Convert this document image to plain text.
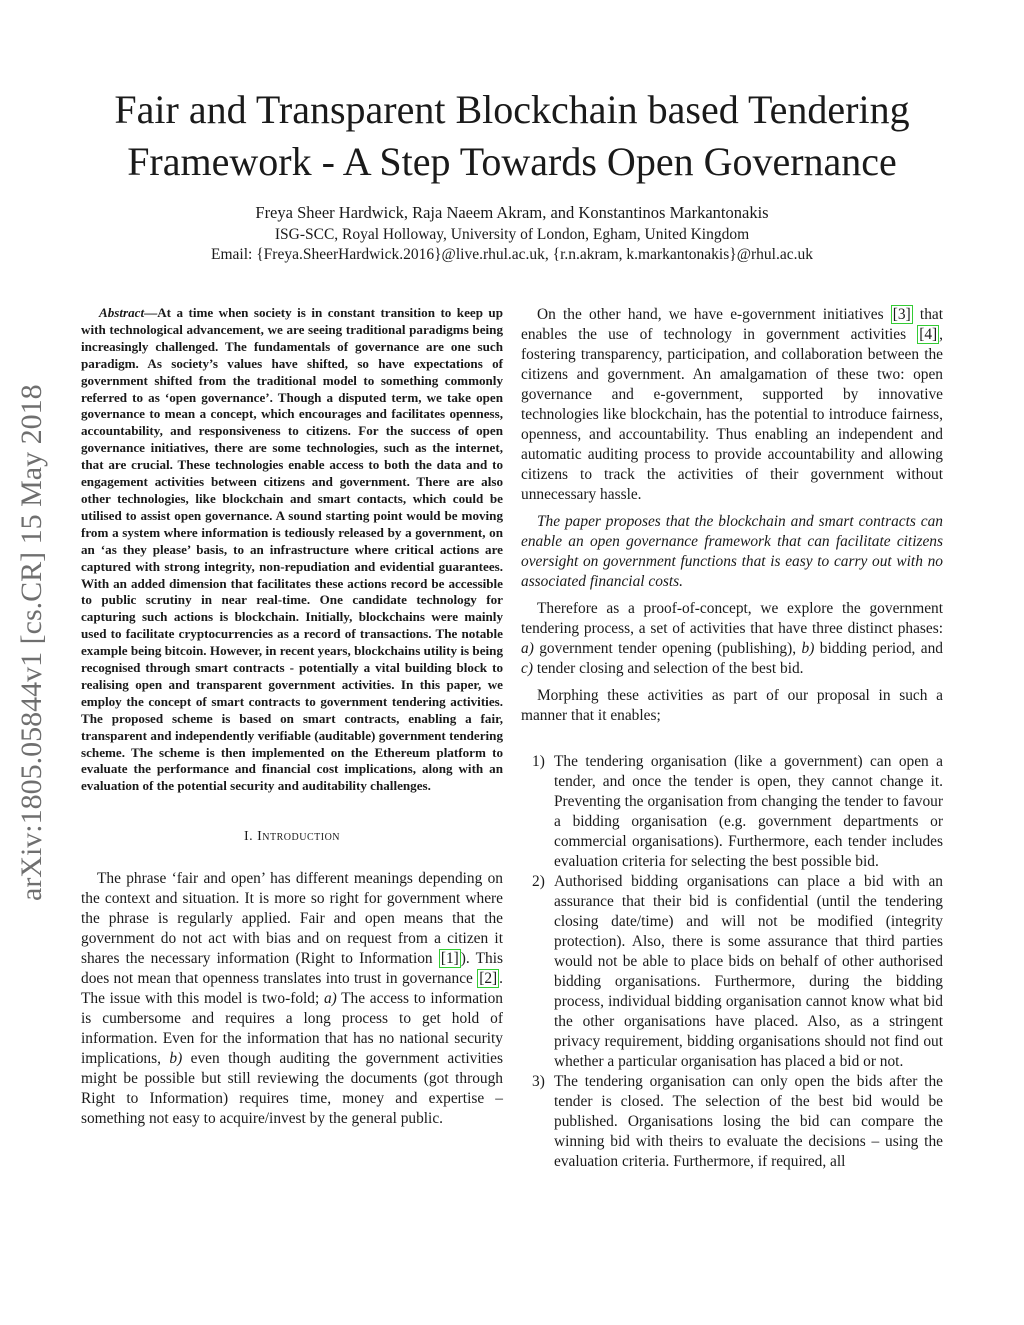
arXiv:1805.05844v1 [cs.CR] 15 May 2018
Fair and Transparent Blockchain based Tendering Framework - A Step Towards Open Governance
Freya Sheer Hardwick, Raja Naeem Akram, and Konstantinos Markantonakis
ISG-SCC, Royal Holloway, University of London, Egham, United Kingdom
Email: {Freya.SheerHardwick.2016}@live.rhul.ac.uk, {r.n.akram, k.markantonakis}@rhul.ac.uk

Abstract—At a time when society is in constant transition to keep up with technological advancement, we are seeing traditional paradigms being increasingly challenged. The fundamentals of governance are one such paradigm. As society’s values have shifted, so have expectations of government shifted from the traditional model to something commonly referred to as ‘open governance’. Though a disputed term, we take open governance to mean a concept, which encourages and facilitates openness, accountability, and responsiveness to citizens. For the success of open governance initiatives, there are some technologies, such as the internet, that are crucial. These technologies enable access to both the data and to engagement activities between citizens and government. There are also other technologies, like blockchain and smart contacts, which could be utilised to assist open governance. A sound starting point would be moving from a system where information is tediously released by a government, on an ‘as they please’ basis, to an infrastructure where critical actions are captured with strong integrity, non-repudiation and evidential guarantees. With an added dimension that facilitates these actions record be accessible to public scrutiny in near real-time. One candidate technology for capturing such actions is blockchain. Initially, blockchains were mainly used to facilitate cryptocurrencies as a record of transactions. The notable example being bitcoin. However, in recent years, blockchains utility is being recognised through smart contracts - potentially a vital building block to realising open and transparent government activities. In this paper, we employ the concept of smart contracts to government tendering activities. The proposed scheme is based on smart contracts, enabling a fair, transparent and independently verifiable (auditable) government tendering scheme. The scheme is then implemented on the Ethereum platform to evaluate the performance and financial cost implications, along with an evaluation of the potential security and auditability challenges.

I. Introduction

The phrase ‘fair and open’ has different meanings depending on the context and situation. It is more so right for government where the phrase is regularly applied. Fair and open means that the government do not act with bias and on request from a citizen it shares the necessary information (Right to Information [1] ). This does not mean that openness translates into trust in governance [2] . The issue with this model is two-fold; a) The access to information is cumbersome and requires a long process to get hold of information. Even for the information that has no national security implications, b) even though auditing the government activities might be possible but still reviewing the documents (got through Right to Information) requires time, money and expertise – something not easy to acquire/invest by the general public.

On the other hand, we have e-government initiatives [3] that enables the use of technology in government activities [4] , fostering transparency, participation, and collaboration between the citizens and government. An amalgamation of these two: open governance and e-government, supported by innovative technologies like blockchain, has the potential to introduce fairness, openness, and accountability. Thus enabling an independent and automatic auditing process to provide accountability and allowing citizens to track the activities of their government without unnecessary hassle.

The paper proposes that the blockchain and smart contracts can enable an open governance framework that can facilitate citizens oversight on government functions that is easy to carry out with no associated financial costs.

Therefore as a proof-of-concept, we explore the government tendering process, a set of activities that have three distinct phases: a) government tender opening (publishing), b) bidding period, and c) tender closing and selection of the best bid.

Morphing these activities as part of our proposal in such a manner that it enables;

1) The tendering organisation (like a government) can open a tender, and once the tender is open, they cannot change it. Preventing the organisation from changing the tender to favour a bidding organisation (e.g. government departments or commercial organisations). Furthermore, each tender includes evaluation criteria for selecting the best possible bid.
2) Authorised bidding organisations can place a bid with an assurance that their bid is confidential (until the tendering closing date/time) and will not be modified (integrity protection). Also, there is some assurance that third parties would not be able to place bids on behalf of other authorised bidding organisations. Furthermore, during the bidding process, individual bidding organisation cannot know what bid the other organisations have placed. Also, as a stringent privacy requirement, bidding organisations should not find out whether a particular organisation has placed a bid or not.
3) The tendering organisation can only open the bids after the tender is closed. The selection of the best bid would be published. Organisations losing the bid can compare the winning bid with theirs to evaluate the decisions – using the evaluation criteria. Furthermore, if required, all
